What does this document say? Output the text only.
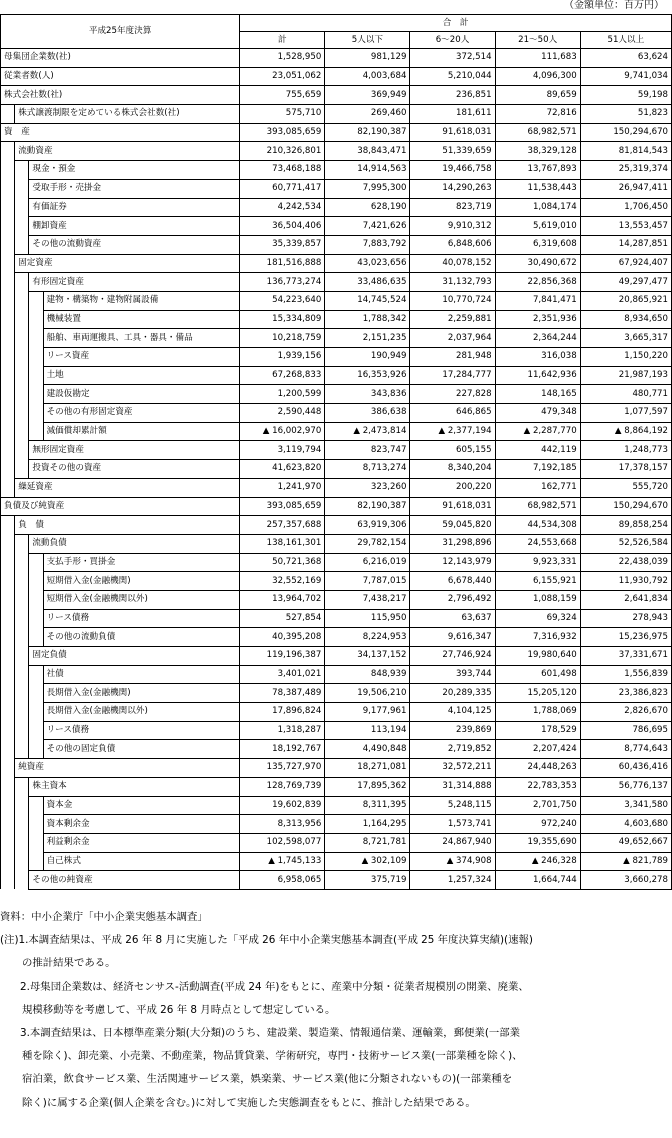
（金額単位：百万円）
平成25年度決算				合　計				
				計	5人以下	6～20人	21～50人	51人以上
母集団企業数(社)				1,528,950	981,129	372,514	111,683	63,624
従業者数(人)				23,051,062	4,003,684	5,210,044	4,096,300	9,741,034
株式会社数(社)				755,659	369,949	236,851	89,659	59,198
	株式譲渡制限を定めている株式会社数(社)			575,710	269,460	181,611	72,816	51,823
資　産				393,085,659	82,190,387	91,618,031	68,982,571	150,294,670
	流動資産			210,326,801	38,843,471	51,339,659	38,329,128	81,814,543
		現金・預金		73,468,188	14,914,563	19,466,758	13,767,893	25,319,374
		受取手形・売掛金		60,771,417	7,995,300	14,290,263	11,538,443	26,947,411
		有価証券		4,242,534	628,190	823,719	1,084,174	1,706,450
		棚卸資産		36,504,406	7,421,626	9,910,312	5,619,010	13,553,457
		その他の流動資産		35,339,857	7,883,792	6,848,606	6,319,608	14,287,851
	固定資産			181,516,888	43,023,656	40,078,152	30,490,672	67,924,407
		有形固定資産		136,773,274	33,486,635	31,132,793	22,856,368	49,297,477
			建物・構築物・建物附属設備	54,223,640	14,745,524	10,770,724	7,841,471	20,865,921
			機械装置	15,334,809	1,788,342	2,259,881	2,351,936	8,934,650
			船舶、車両運搬具、工具・器具・備品	10,218,759	2,151,235	2,037,964	2,364,244	3,665,317
			リース資産	1,939,156	190,949	281,948	316,038	1,150,220
			土地	67,268,833	16,353,926	17,284,777	11,642,936	21,987,193
			建設仮勘定	1,200,599	343,836	227,828	148,165	480,771
			その他の有形固定資産	2,590,448	386,638	646,865	479,348	1,077,597
			減価償却累計額	▲ 16,002,970	▲ 2,473,814	▲ 2,377,194	▲ 2,287,770	▲ 8,864,192
		無形固定資産		3,119,794	823,747	605,155	442,119	1,248,773
		投資その他の資産		41,623,820	8,713,274	8,340,204	7,192,185	17,378,157
	繰延資産			1,241,970	323,260	200,220	162,771	555,720
負債及び純資産				393,085,659	82,190,387	91,618,031	68,982,571	150,294,670
	負　債			257,357,688	63,919,306	59,045,820	44,534,308	89,858,254
		流動負債		138,161,301	29,782,154	31,298,896	24,553,668	52,526,584
			支払手形・買掛金	50,721,368	6,216,019	12,143,979	9,923,331	22,438,039
			短期借入金(金融機関)	32,552,169	7,787,015	6,678,440	6,155,921	11,930,792
			短期借入金(金融機関以外)	13,964,702	7,438,217	2,796,492	1,088,159	2,641,834
			リース債務	527,854	115,950	63,637	69,324	278,943
			その他の流動負債	40,395,208	8,224,953	9,616,347	7,316,932	15,236,975
		固定負債		119,196,387	34,137,152	27,746,924	19,980,640	37,331,671
			社債	3,401,021	848,939	393,744	601,498	1,556,839
			長期借入金(金融機関)	78,387,489	19,506,210	20,289,335	15,205,120	23,386,823
			長期借入金(金融機関以外)	17,896,824	9,177,961	4,104,125	1,788,069	2,826,670
			リース債務	1,318,287	113,194	239,869	178,529	786,695
			その他の固定負債	18,192,767	4,490,848	2,719,852	2,207,424	8,774,643
	純資産			135,727,970	18,271,081	32,572,211	24,448,263	60,436,416
		株主資本		128,769,739	17,895,362	31,314,888	22,783,353	56,776,137
			資本金	19,602,839	8,311,395	5,248,115	2,701,750	3,341,580
			資本剰余金	8,313,956	1,164,295	1,573,741	972,240	4,603,680
			利益剰余金	102,598,077	8,721,781	24,867,940	19,355,690	49,652,667
			自己株式	▲ 1,745,133	▲ 302,109	▲ 374,908	▲ 246,328	▲ 821,789
		その他の純資産		6,958,065	375,719	1,257,324	1,664,744	3,660,278
資料：中小企業庁「中小企業実態基本調査」
(注)1.本調査結果は、平成 26 年 8 月に実施した「平成 26 年中小企業実態基本調査(平成 25 年度決算実績)(速報)
の推計結果である。
2.母集団企業数は、経済センサス‐活動調査(平成 24 年)をもとに、産業中分類・従業者規模別の開業、廃業、
規模移動等を考慮して、平成 26 年 8 月時点として想定している。
3.本調査結果は、日本標準産業分類(大分類)のうち、建設業、製造業、情報通信業、運輸業，郵便業(一部業
種を除く)、卸売業、小売業、不動産業，物品賃貸業、学術研究，専門・技術サービス業(一部業種を除く)、
宿泊業，飲食サービス業、生活関連サービス業，娯楽業、サービス業(他に分類されないもの)(一部業種を
除く)に属する企業(個人企業を含む。)に対して実施した実態調査をもとに、推計した結果である。
